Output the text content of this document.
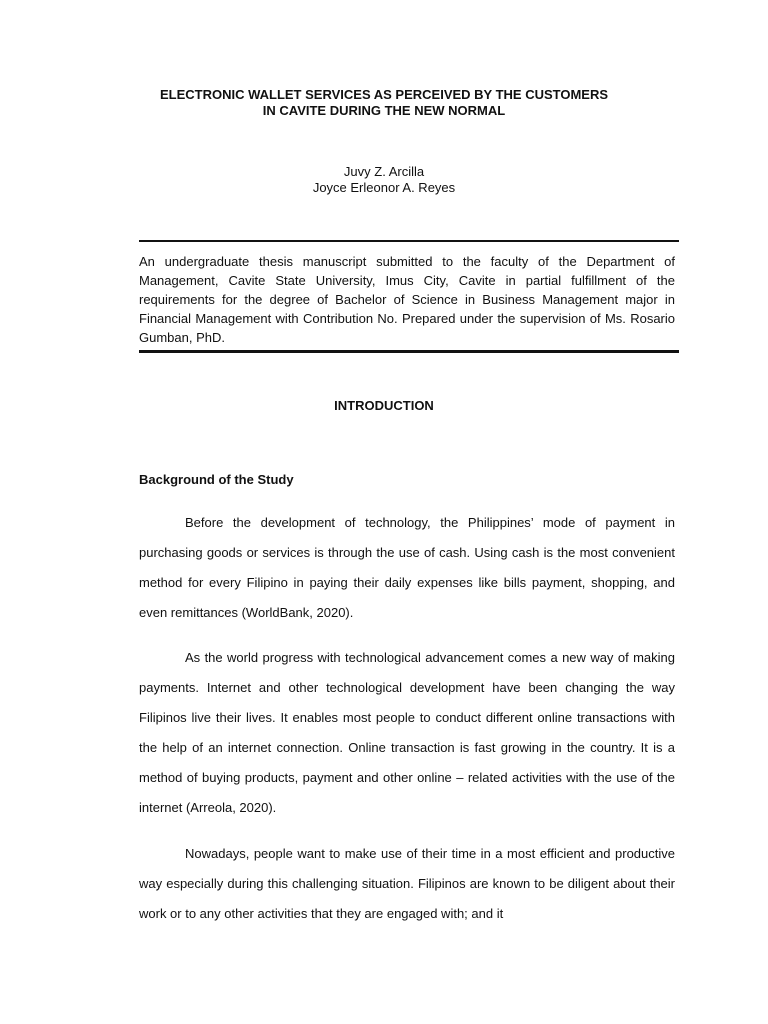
ELECTRONIC WALLET SERVICES AS PERCEIVED BY THE CUSTOMERS
IN CAVITE DURING THE NEW NORMAL
Juvy Z. Arcilla
Joyce Erleonor A. Reyes

An undergraduate thesis manuscript submitted to the faculty of the Department of Management, Cavite State University, Imus City, Cavite in partial fulfillment of the requirements for the degree of Bachelor of Science in Business Management major in Financial Management with Contribution No. Prepared under the supervision of Ms. Rosario Gumban, PhD.

INTRODUCTION
Background of the Study

Before the development of technology, the Philippines’ mode of payment in purchasing goods or services is through the use of cash. Using cash is the most convenient method for every Filipino in paying their daily expenses like bills payment, shopping, and even remittances (WorldBank, 2020).

As the world progress with technological advancement comes a new way of making payments. Internet and other technological development have been changing the way Filipinos live their lives. It enables most people to conduct different online transactions with the help of an internet connection. Online transaction is fast growing in the country. It is a method of buying products, payment and other online – related activities with the use of the internet (Arreola, 2020).

Nowadays, people want to make use of their time in a most efficient and productive way especially during this challenging situation. Filipinos are known to be diligent about their work or to any other activities that they are engaged with; and it
